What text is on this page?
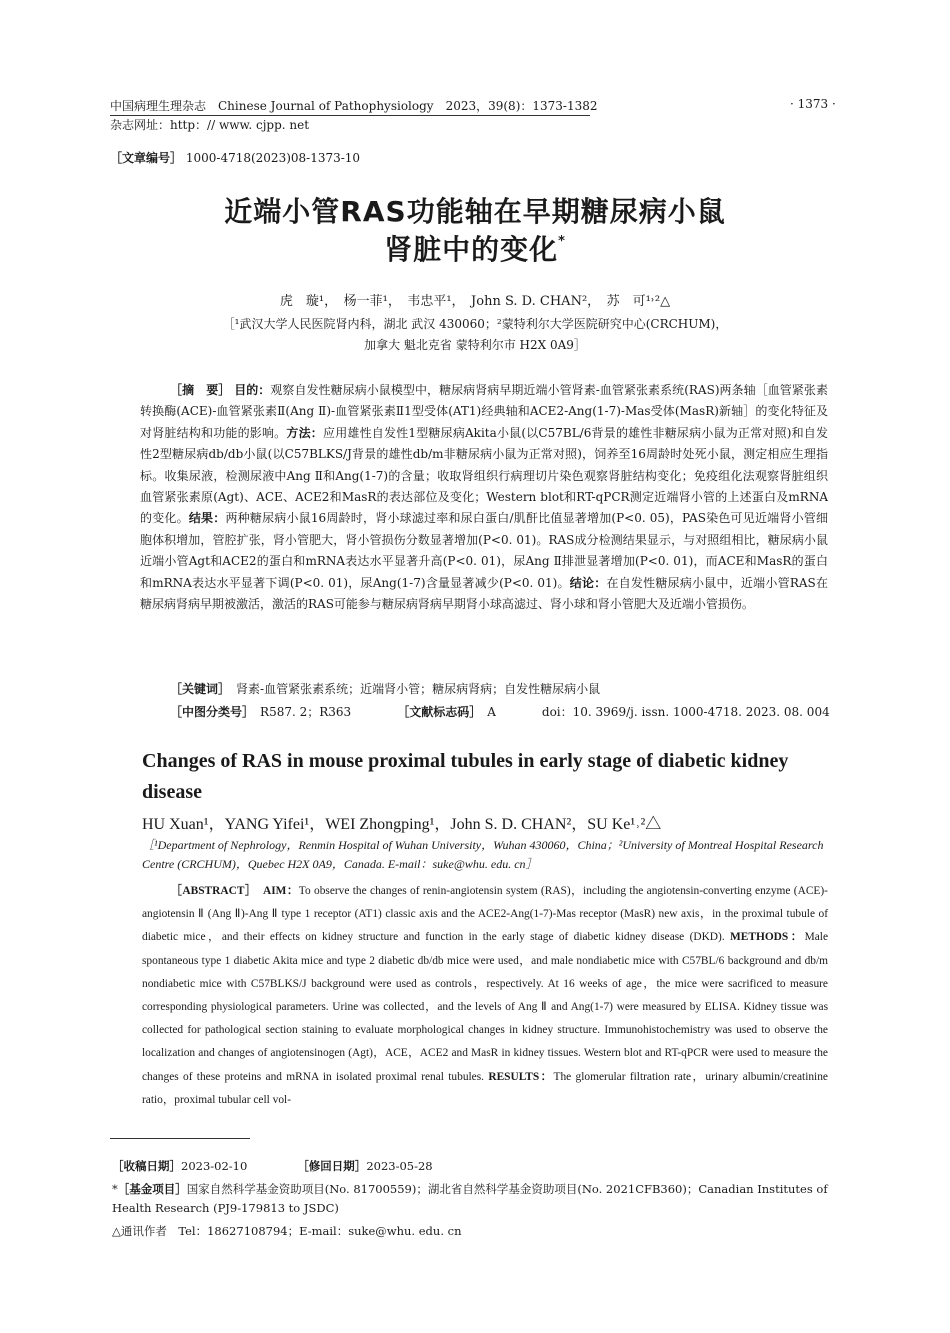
中国病理生理杂志　Chinese Journal of Pathophysiology　2023，39(8)：1373-1382	· 1373 ·
杂志网址：http：// www. cjpp. net
［文章编号］ 1000-4718(2023)08-1373-10
近端小管RAS功能轴在早期糖尿病小鼠
肾脏中的变化*
虎　璇¹，　杨一菲¹，　韦忠平¹，　John S. D. CHAN²，　苏　可¹˒²△
［¹武汉大学人民医院肾内科，湖北 武汉 430060；²蒙特利尔大学医院研究中心(CRCHUM)，
加拿大 魁北克省 蒙特利尔市 H2X 0A9］
［摘　要］ 目的：观察自发性糖尿病小鼠模型中，糖尿病肾病早期近端小管肾素-血管紧张素系统(RAS)两条轴［血管紧张素转换酶(ACE)-血管紧张素Ⅱ(Ang Ⅱ)-血管紧张素Ⅱ1型受体(AT1)经典轴和ACE2-Ang(1-7)-Mas受体(MasR)新轴］的变化特征及对肾脏结构和功能的影响。方法：应用雄性自发性1型糖尿病Akita小鼠(以C57BL/6背景的雄性非糖尿病小鼠为正常对照)和自发性2型糖尿病db/db小鼠(以C57BLKS/J背景的雄性db/m非糖尿病小鼠为正常对照)，饲养至16周龄时处死小鼠，测定相应生理指标。收集尿液，检测尿液中Ang Ⅱ和Ang(1-7)的含量；收取肾组织行病理切片染色观察肾脏结构变化；免疫组化法观察肾脏组织血管紧张素原(Agt)、ACE、ACE2和MasR的表达部位及变化；Western blot和RT-qPCR测定近端肾小管的上述蛋白及mRNA的变化。结果：两种糖尿病小鼠16周龄时，肾小球滤过率和尿白蛋白/肌酐比值显著增加(P<0. 05)，PAS染色可见近端肾小管细胞体积增加，管腔扩张，肾小管肥大，肾小管损伤分数显著增加(P<0. 01)。RAS成分检测结果显示，与对照组相比，糖尿病小鼠近端小管Agt和ACE2的蛋白和mRNA表达水平显著升高(P<0. 01)，尿Ang Ⅱ排泄显著增加(P<0. 01)，而ACE和MasR的蛋白和mRNA表达水平显著下调(P<0. 01)，尿Ang(1-7)含量显著减少(P<0. 01)。结论：在自发性糖尿病小鼠中，近端小管RAS在糖尿病肾病早期被激活，激活的RAS可能参与糖尿病肾病早期肾小球高滤过、肾小球和肾小管肥大及近端小管损伤。
［关键词］　 肾素-血管紧张素系统；近端肾小管；糖尿病肾病；自发性糖尿病小鼠
［中图分类号］　 R587. 2；R363	［文献标志码］　 A	doi：10. 3969/j. issn. 1000-4718. 2023. 08. 004
Changes of RAS in mouse proximal tubules in early stage of diabetic kidney disease
HU Xuan¹，YANG Yifei¹，WEI Zhongping¹，John S. D. CHAN²，SU Ke¹˒²△
［¹Department of Nephrology，Renmin Hospital of Wuhan University，Wuhan 430060，China；²University of Montreal Hospital Research Centre (CRCHUM)，Quebec H2X 0A9，Canada. E-mail：suke@whu. edu. cn］
［ABSTRACT］　 AIM：To observe the changes of renin-angiotensin system (RAS)，including the angiotensin-converting enzyme (ACE)-angiotensin Ⅱ (Ang Ⅱ)-Ang Ⅱ type 1 receptor (AT1) classic axis and the ACE2-Ang(1-7)-Mas receptor (MasR) new axis，in the proximal tubule of diabetic mice，and their effects on kidney structure and function in the early stage of diabetic kidney disease (DKD). METHODS：Male spontaneous type 1 diabetic Akita mice and type 2 diabetic db/db mice were used，and male nondiabetic mice with C57BL/6 background and db/m nondiabetic mice with C57BLKS/J background were used as controls，respectively. At 16 weeks of age，the mice were sacrificed to measure corresponding physiological parameters. Urine was collected，and the levels of Ang Ⅱ and Ang(1-7) were measured by ELISA. Kidney tissue was collected for pathological section staining to evaluate morphological changes in kidney structure. Immunohistochemistry was used to observe the localization and changes of angiotensinogen (Agt)，ACE，ACE2 and MasR in kidney tissues. Western blot and RT-qPCR were used to measure the changes of these proteins and mRNA in isolated proximal renal tubules. RESULTS：The glomerular filtration rate，urinary albumin/creatinine ratio，proximal tubular cell vol-
［收稿日期］2023-02-10	［修回日期］2023-05-28
*［基金项目］国家自然科学基金资助项目(No. 81700559)；湖北省自然科学基金资助项目(No. 2021CFB360)；Canadian Institutes of Health Research (PJ9-179813 to JSDC)
△通讯作者　Tel：18627108794；E-mail：suke@whu. edu. cn
